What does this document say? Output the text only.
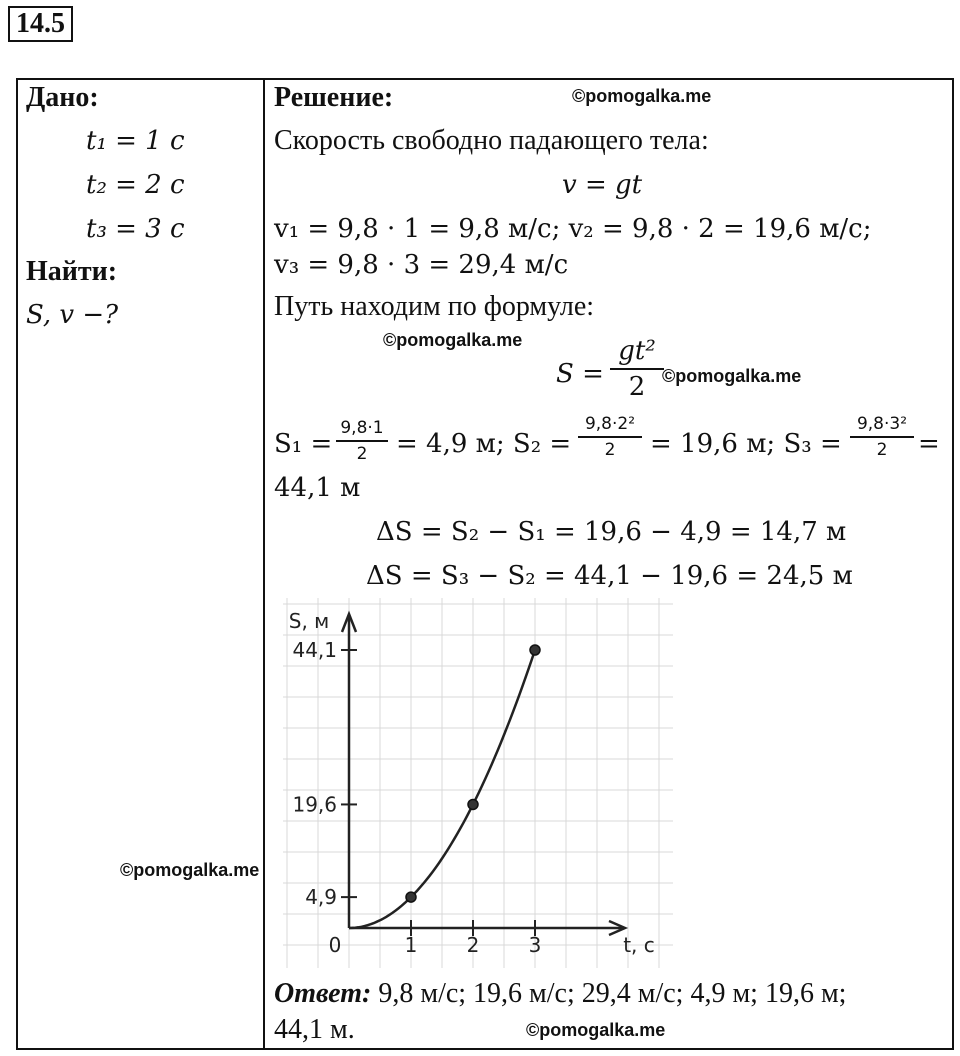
14.5
Дано:
t₁ = 1 с
t₂ = 2 с
t₃ = 3 с
Найти:
S, v −?
Решение:	©pomogalka.me
Скорость свободно падающего тела:
v = gt
v₁ = 9,8 · 1 = 9,8 м/с; v₂ = 9,8 · 2 = 19,6 м/с;
v₃ = 9,8 · 3 = 29,4 м/с
Путь находим по формуле:
©pomogalka.me
S =
gt²
2 ©pomogalka.me
S₁ =
9,8·1
2	= 4,9 м; S₂ =
9,8·2²
2	= 19,6 м; S₃ =
9,8·3²
2	=
44,1 м
ΔS = S₂ − S₁ = 19,6 − 4,9 = 14,7 м
ΔS = S₃ − S₂ = 44,1 − 19,6 = 24,5 м
S, м
t, c
0	1 2 3
4,9
19,6
44,1
©pomogalka.me
Ответ: 9,8 м/с; 19,6 м/с; 29,4 м/с; 4,9 м; 19,6 м;
44,1 м.	©pomogalka.me
